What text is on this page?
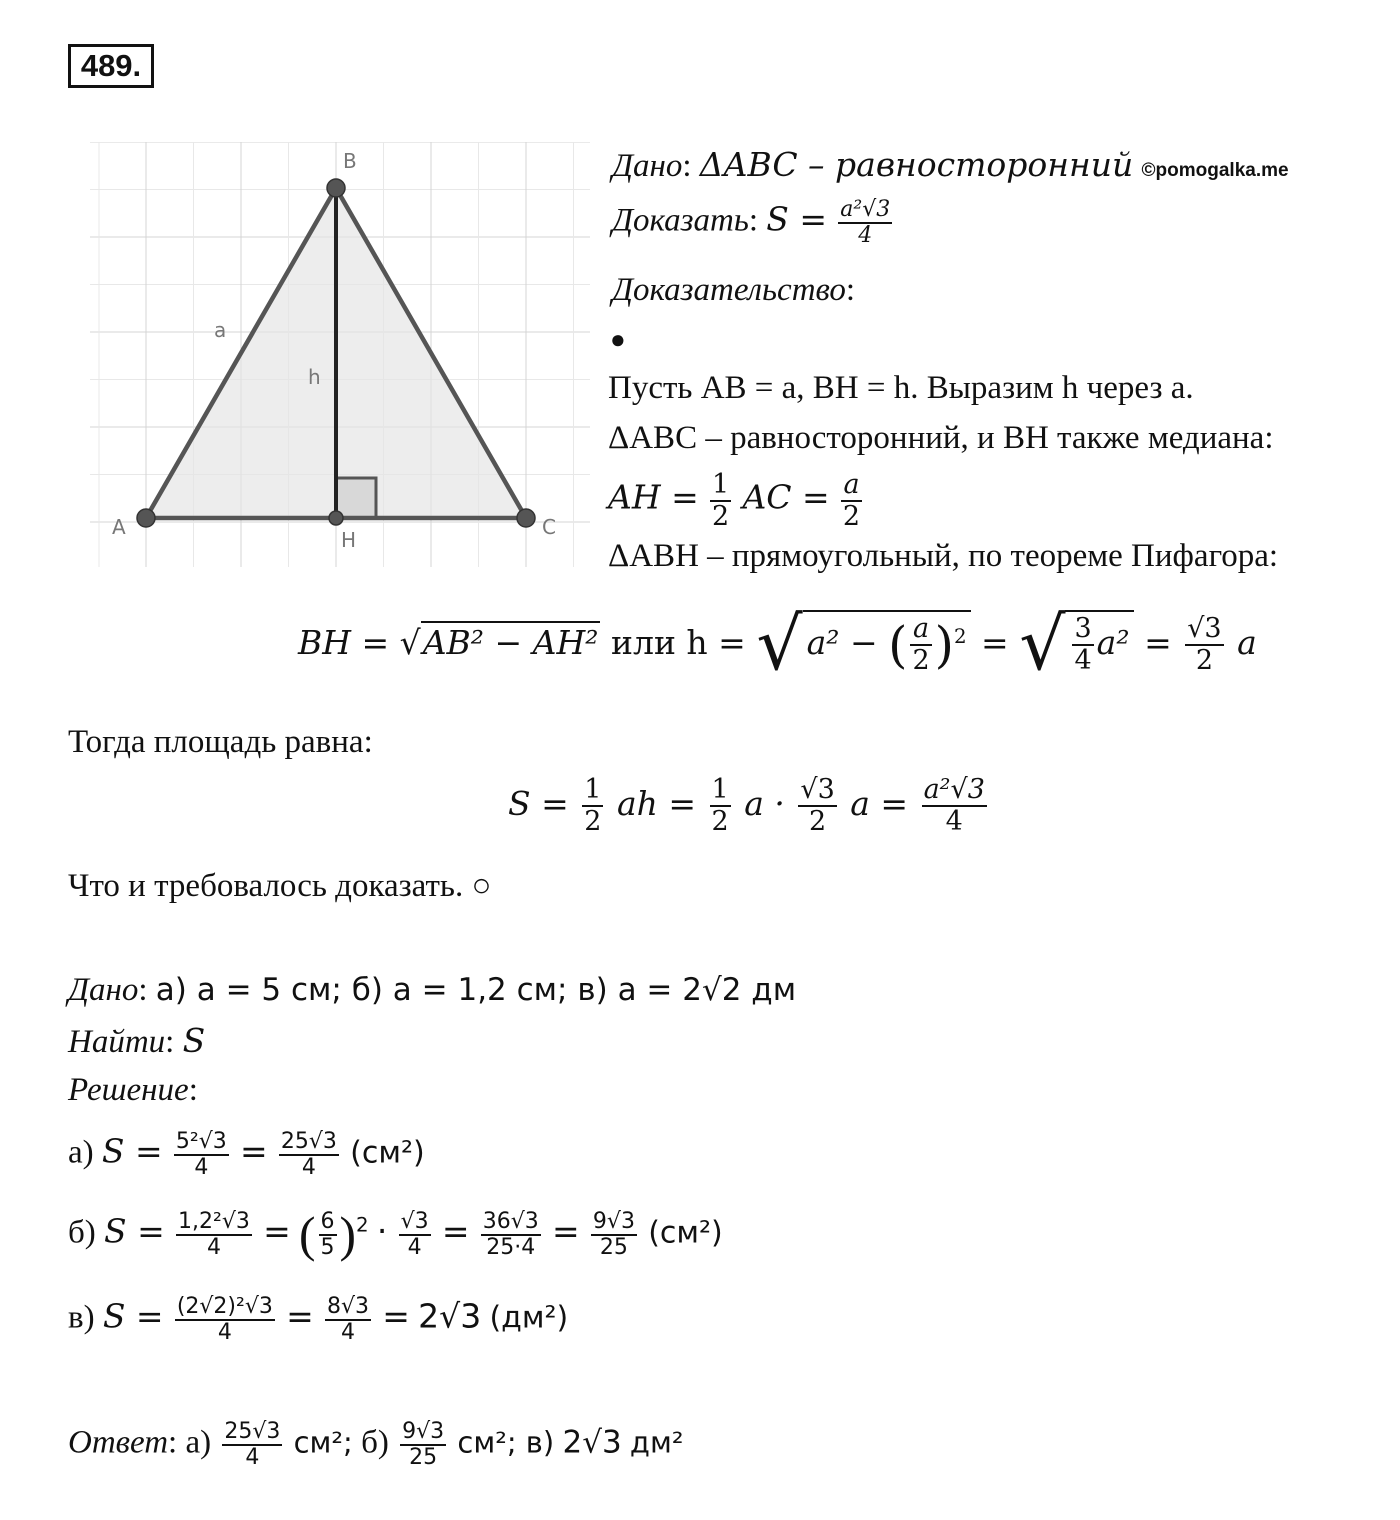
489.
B
A	C
H
a
h
Дано: ΔABC – равносторонний ©pomogalka.me
Доказать: $S = \frac{\text{a²√3}}{4}$
Доказательство:
●
Пусть AB = a, BH = h. Выразим h через a.
ΔABC – равносторонний, и BH также медиана:
AH = $\frac{1}{2}$ AC = $\frac{a}{2}$
ΔABH – прямоугольный, по теореме Пифагора:
BH = √AB² − AH² или h = √ a² − ( $\frac{a}{2} )^2$ = √ $\frac{3}{4} a^2 = \frac{√3}{2}$ a
Тогда площадь равна:
$S = \frac{1}{2}$ ah = $\frac{1}{2}$ $a \cdot \frac{√3}{2}$ $a = \frac{\text{a²√3}}{4}$
Что и требовалось доказать. ○
Дано: а) a = 5 см; б) a = 1,2 см; в) a = 2√2 дм
Найти: S
Решение:
а) $S = \frac{\text{5²√3}}{4} = \frac{25√3}{4} (см^2)$
б) $S = \frac{\text{1,2²√3}}{4}$ = ( $\frac{6}{5} )^2 \cdot \frac{√3}{4} = \frac{36√3}{25\cdot 4} = \frac{9√3}{25} (см^2)$
в) $S = \frac{\text{(2√2)²√3}}{4} = \frac{8√3}{4} = 2√3$ (дм²)
Ответ: $а) \frac{25√3}{4} см^2$; $б) \frac{9√3}{25} см^2$; в) 2√3 дм²
